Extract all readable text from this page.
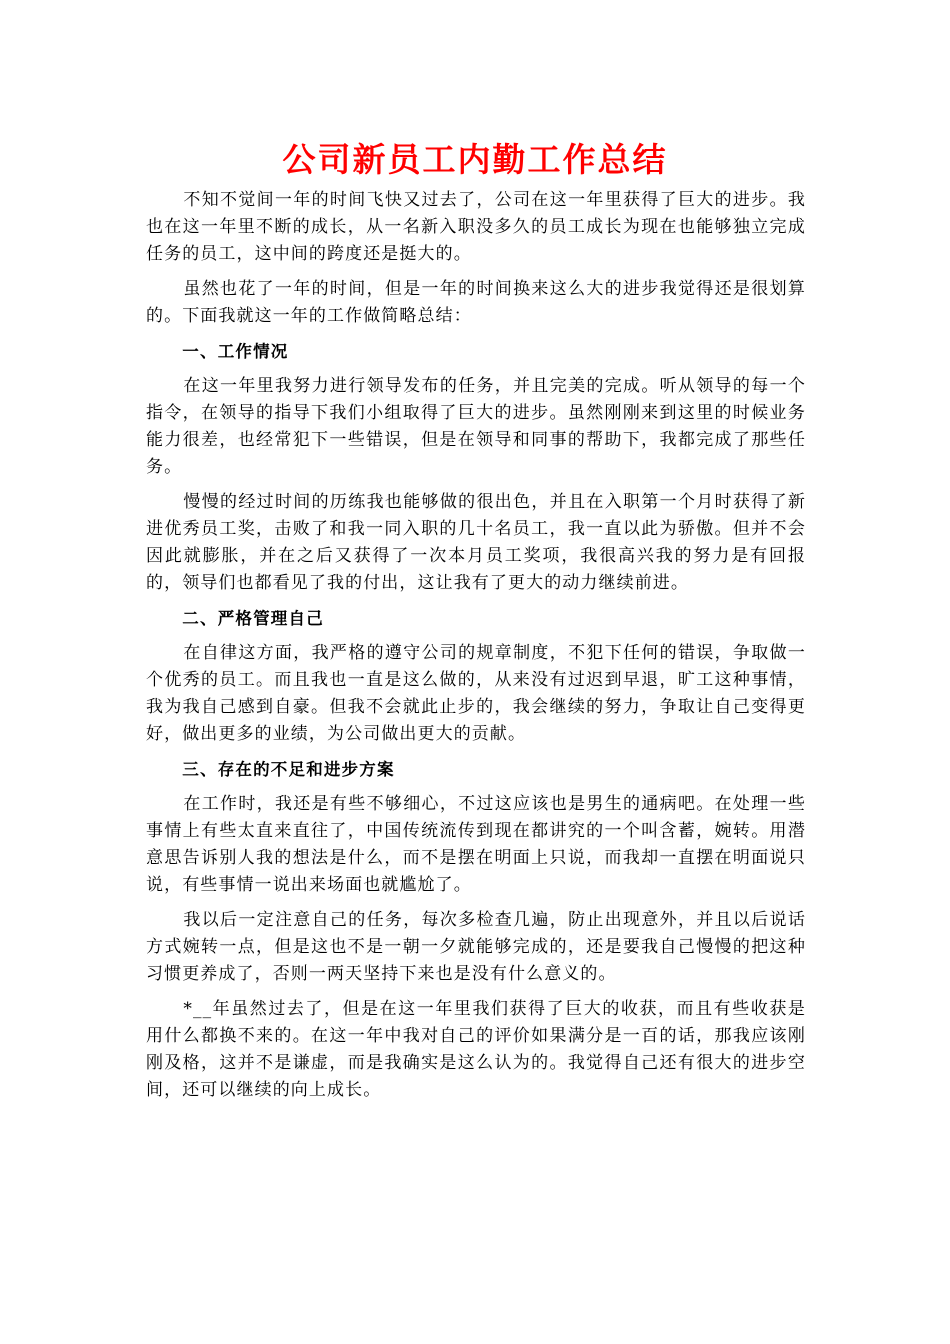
公司新员工内勤工作总结

不知不觉间一年的时间飞快又过去了，公司在这一年里获得了巨大的进步。我也在这一年里不断的成长，从一名新入职没多久的员工成长为现在也能够独立完成任务的员工，这中间的跨度还是挺大的。

虽然也花了一年的时间，但是一年的时间换来这么大的进步我觉得还是很划算的。下面我就这一年的工作做简略总结：

一、工作情况

在这一年里我努力进行领导发布的任务，并且完美的完成。听从领导的每一个指令，在领导的指导下我们小组取得了巨大的进步。虽然刚刚来到这里的时候业务能力很差，也经常犯下一些错误，但是在领导和同事的帮助下，我都完成了那些任务。

慢慢的经过时间的历练我也能够做的很出色，并且在入职第一个月时获得了新进优秀员工奖，击败了和我一同入职的几十名员工，我一直以此为骄傲。但并不会因此就膨胀，并在之后又获得了一次本月员工奖项，我很高兴我的努力是有回报的，领导们也都看见了我的付出，这让我有了更大的动力继续前进。

二、严格管理自己

在自律这方面，我严格的遵守公司的规章制度，不犯下任何的错误，争取做一个优秀的员工。而且我也一直是这么做的，从来没有过迟到早退，旷工这种事情，我为我自己感到自豪。但我不会就此止步的，我会继续的努力，争取让自己变得更好，做出更多的业绩，为公司做出更大的贡献。

三、存在的不足和进步方案

在工作时，我还是有些不够细心，不过这应该也是男生的通病吧。在处理一些事情上有些太直来直往了，中国传统流传到现在都讲究的一个叫含蓄，婉转。用潜意思告诉别人我的想法是什么，而不是摆在明面上只说，而我却一直摆在明面说只说，有些事情一说出来场面也就尴尬了。

我以后一定注意自己的任务，每次多检查几遍，防止出现意外，并且以后说话方式婉转一点，但是这也不是一朝一夕就能够完成的，还是要我自己慢慢的把这种习惯更养成了，否则一两天坚持下来也是没有什么意义的。

*__年虽然过去了，但是在这一年里我们获得了巨大的收获，而且有些收获是用什么都换不来的。在这一年中我对自己的评价如果满分是一百的话，那我应该刚刚及格，这并不是谦虚，而是我确实是这么认为的。我觉得自己还有很大的进步空间，还可以继续的向上成长。
